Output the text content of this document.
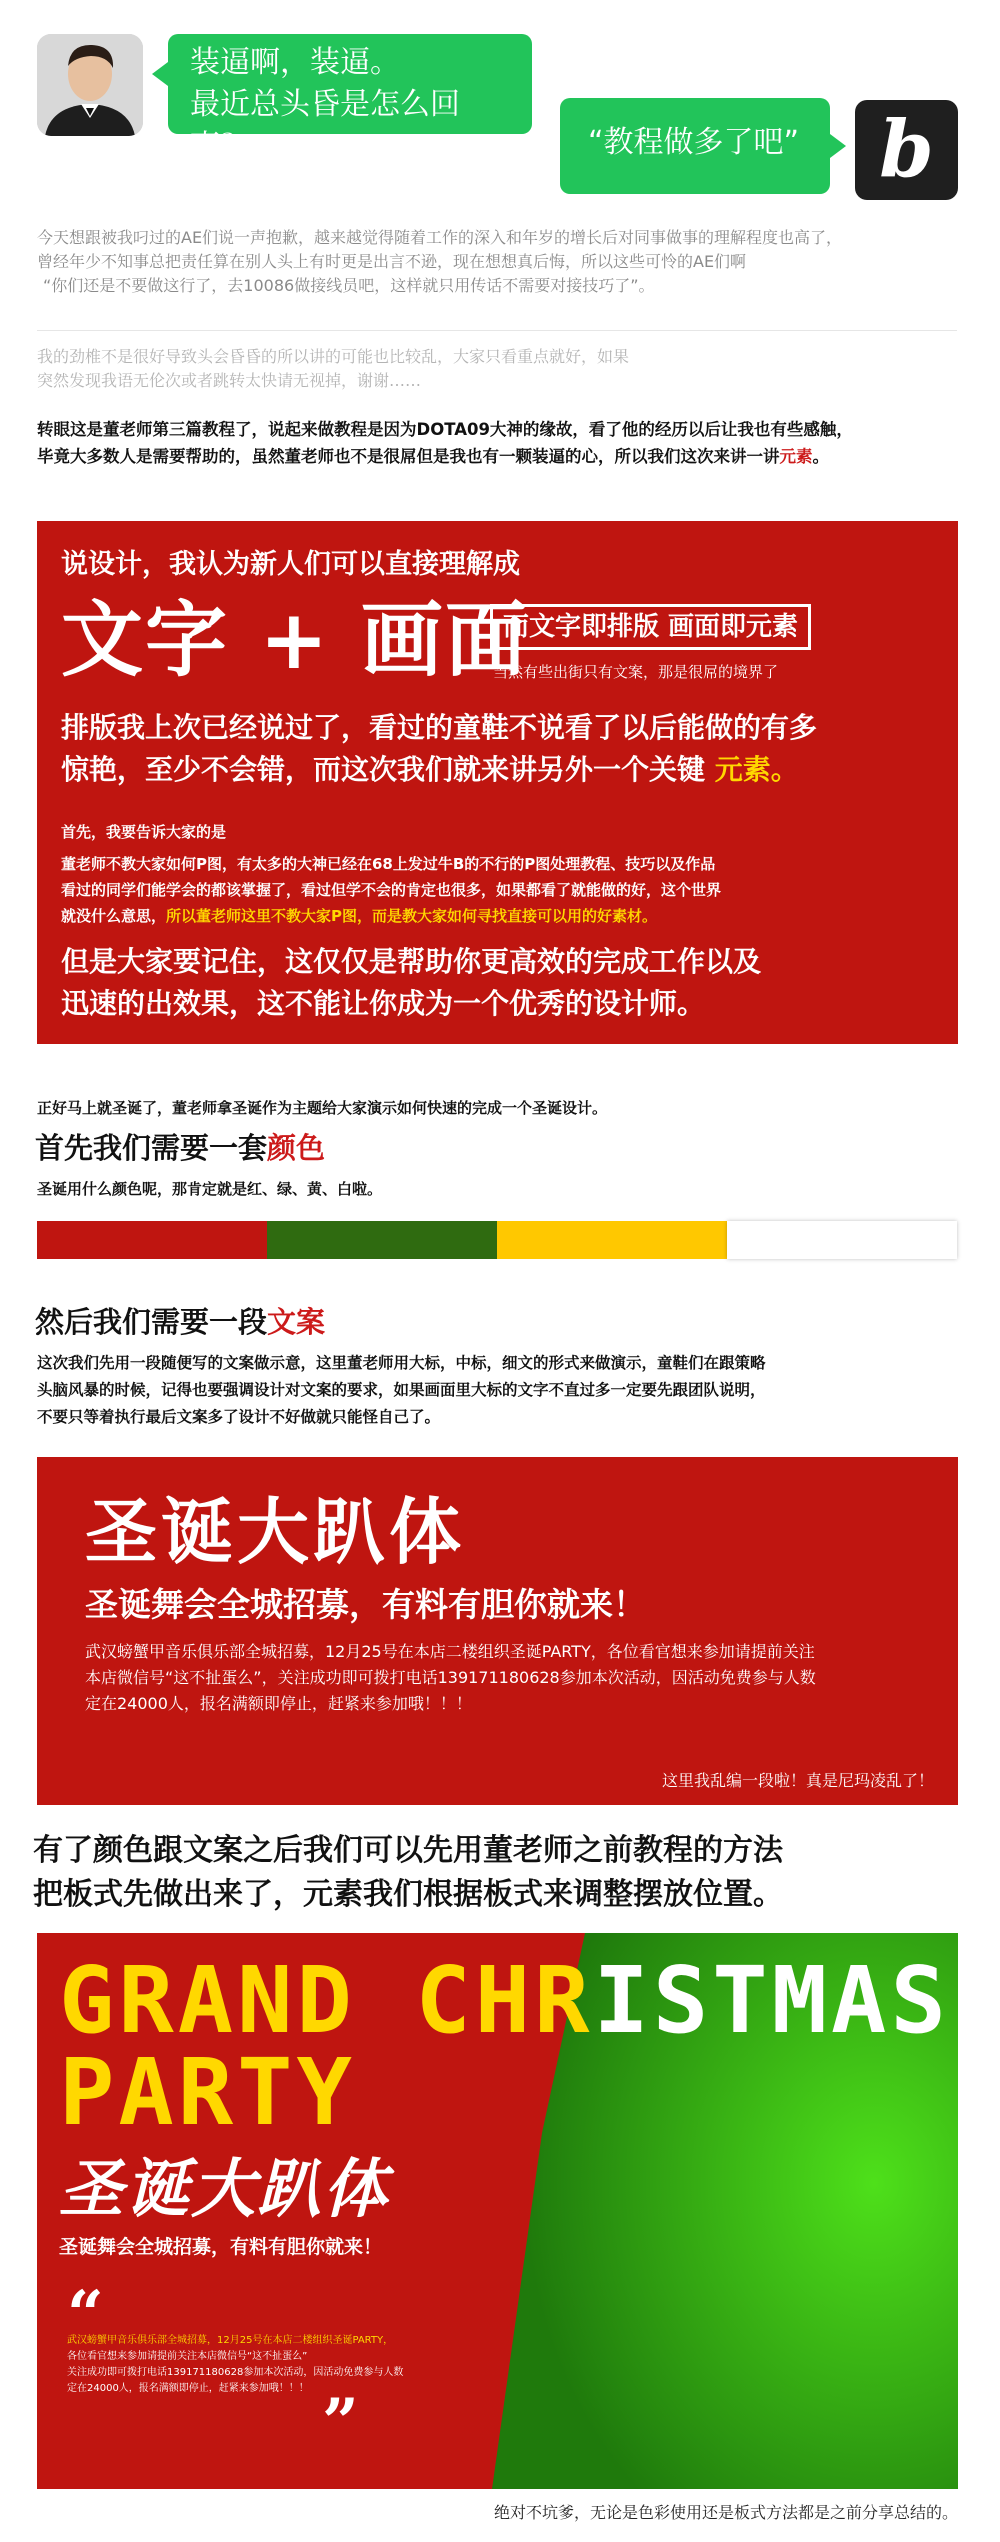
装逼啊，装逼。
最近总头昏是怎么回事？	“教程做多了吧”	b
今天想跟被我叼过的AE们说一声抱歉，越来越觉得随着工作的深入和年岁的增长后对同事做事的理解程度也高了，
曾经年少不知事总把责任算在别人头上有时更是出言不逊，现在想想真后悔，所以这些可怜的AE们啊
“你们还是不要做这行了，去10086做接线员吧，这样就只用传话不需要对接技巧了”。
我的劲椎不是很好导致头会昏昏的所以讲的可能也比较乱，大家只看重点就好，如果
突然发现我语无伦次或者跳转太快请无视掉，谢谢……
转眼这是董老师第三篇教程了，说起来做教程是因为DOTA09大神的缘故，看了他的经历以后让我也有些感触，
毕竟大多数人是需要帮助的，虽然董老师也不是很屌但是我也有一颗装逼的心，所以我们这次来讲一讲元素。
说设计，我认为新人们可以直接理解成
文字 + 画面
而文字即排版 画面即元素
当然有些出街只有文案，那是很屌的境界了
排版我上次已经说过了，看过的童鞋不说看了以后能做的有多
惊艳，至少不会错，而这次我们就来讲另外一个关键 元素。
首先，我要告诉大家的是
董老师不教大家如何P图，有太多的大神已经在68上发过牛B的不行的P图处理教程、技巧以及作品
看过的同学们能学会的都该掌握了，看过但学不会的肯定也很多，如果都看了就能做的好，这个世界
就没什么意思，所以董老师这里不教大家P图，而是教大家如何寻找直接可以用的好素材。
但是大家要记住，这仅仅是帮助你更高效的完成工作以及
迅速的出效果，这不能让你成为一个优秀的设计师。
正好马上就圣诞了，董老师拿圣诞作为主题给大家演示如何快速的完成一个圣诞设计。
首先我们需要一套颜色
圣诞用什么颜色呢，那肯定就是红、绿、黄、白啦。
然后我们需要一段文案
这次我们先用一段随便写的文案做示意，这里董老师用大标，中标，细文的形式来做演示，童鞋们在跟策略
头脑风暴的时候，记得也要强调设计对文案的要求，如果画面里大标的文字不直过多一定要先跟团队说明，
不要只等着执行最后文案多了设计不好做就只能怪自己了。
圣诞大趴体
圣诞舞会全城招募，有料有胆你就来！
武汉螃蟹甲音乐俱乐部全城招募，12月25号在本店二楼组织圣诞PARTY，各位看官想来参加请提前关注
本店微信号“这不扯蛋么”，关注成功即可拨打电话139171180628参加本次活动，因活动免费参与人数
定在24000人，报名满额即停止，赶紧来参加哦！！！
这里我乱编一段啦！真是尼玛凌乱了！
有了颜色跟文案之后我们可以先用董老师之前教程的方法
把板式先做出来了，元素我们根据板式来调整摆放位置。
GRAND CHRISTMAS
PARTY
圣诞大趴体
圣诞舞会全城招募，有料有胆你就来！
“
武汉螃蟹甲音乐俱乐部全城招募，12月25号在本店二楼组织圣诞PARTY，
各位看官想来参加请提前关注本店微信号“这不扯蛋么”
关注成功即可拨打电话139171180628参加本次活动，因活动免费参与人数
定在24000人，报名满额即停止，赶紧来参加哦！！！ ”
绝对不坑爹，无论是色彩使用还是板式方法都是之前分享总结的。
